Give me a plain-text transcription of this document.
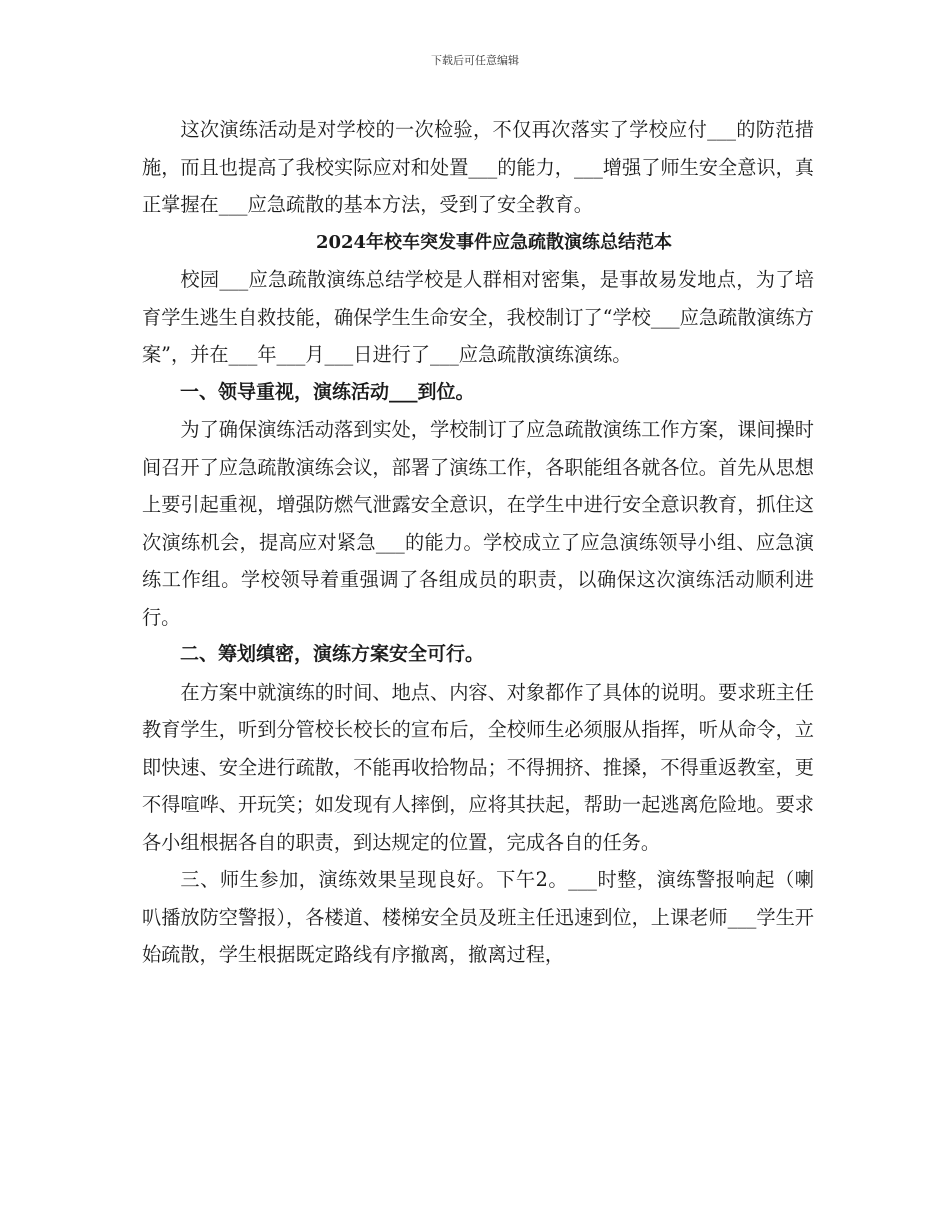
下载后可任意编辑

这次演练活动是对学校的一次检验，不仅再次落实了学校应付___的防范措施，而且也提高了我校实际应对和处置___的能力，___增强了师生安全意识，真正掌握在___应急疏散的基本方法，受到了安全教育。

2024年校车突发事件应急疏散演练总结范本

校园___应急疏散演练总结学校是人群相对密集，是事故易发地点，为了培育学生逃生自救技能，确保学生生命安全，我校制订了“学校___应急疏散演练方案”，并在___年___月___日进行了___应急疏散演练演练。

一、领导重视，演练活动___到位。

为了确保演练活动落到实处，学校制订了应急疏散演练工作方案，课间操时间召开了应急疏散演练会议，部署了演练工作，各职能组各就各位。首先从思想上要引起重视，增强防燃气泄露安全意识，在学生中进行安全意识教育，抓住这次演练机会，提高应对紧急___的能力。学校成立了应急演练领导小组、应急演练工作组。学校领导着重强调了各组成员的职责，以确保这次演练活动顺利进行。

二、筹划缜密，演练方案安全可行。

在方案中就演练的时间、地点、内容、对象都作了具体的说明。要求班主任教育学生，听到分管校长校长的宣布后，全校师生必须服从指挥，听从命令，立即快速、安全进行疏散，不能再收拾物品；不得拥挤、推搡，不得重返教室，更不得喧哗、开玩笑；如发现有人摔倒，应将其扶起，帮助一起逃离危险地。要求各小组根据各自的职责，到达规定的位置，完成各自的任务。

三、师生参加，演练效果呈现良好。下午2。___时整，演练警报响起（喇叭播放防空警报），各楼道、楼梯安全员及班主任迅速到位，上课老师___学生开始疏散，学生根据既定路线有序撤离，撤离过程，
